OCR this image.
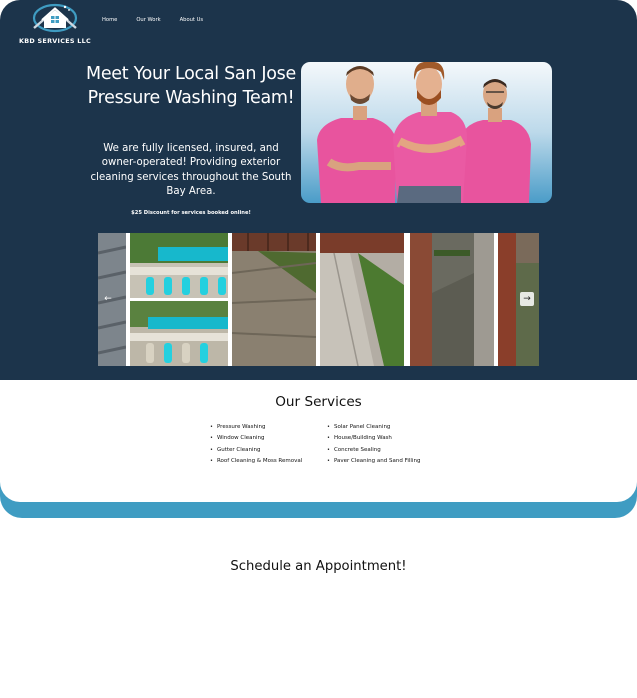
KBD SERVICES LLC
Home	Our Work	About Us
Meet Your Local San Jose Pressure Washing Team!
We are fully licensed, insured, and owner-operated! Providing exterior cleaning services throughout the South Bay Area.
$25 Discount for services booked online!
←	→
Our Services
• Pressure Washing
• Window Cleaning
• Gutter Cleaning
• Roof Cleaning & Moss Removal
• Solar Panel Cleaning
• House/Building Wash
• Concrete Sealing
• Paver Cleaning and Sand Filling
Schedule an Appointment!
